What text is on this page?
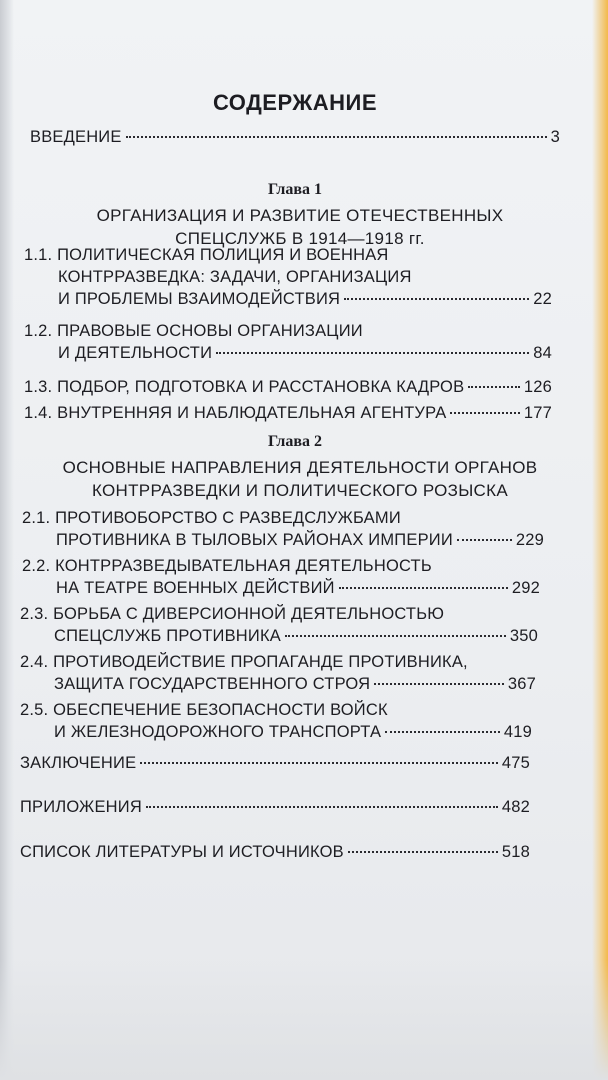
СОДЕРЖАНИЕ
ВВЕДЕНИЕ	3
Глава 1
ОРГАНИЗАЦИЯ И РАЗВИТИЕ ОТЕЧЕСТВЕННЫХ
СПЕЦСЛУЖБ В 1914—1918 гг.
1.1. ПОЛИТИЧЕСКАЯ ПОЛИЦИЯ И ВОЕННАЯ
КОНТРРАЗВЕДКА: ЗАДАЧИ, ОРГАНИЗАЦИЯ
И ПРОБЛЕМЫ ВЗАИМОДЕЙСТВИЯ	22
1.2. ПРАВОВЫЕ ОСНОВЫ ОРГАНИЗАЦИИ
И ДЕЯТЕЛЬНОСТИ	84
1.3.
ПОДБОР, ПОДГОТОВКА И РАССТАНОВКА КАДРОВ	126
1.4.
ВНУТРЕННЯЯ И НАБЛЮДАТЕЛЬНАЯ АГЕНТУРА	177
Глава 2
ОСНОВНЫЕ НАПРАВЛЕНИЯ ДЕЯТЕЛЬНОСТИ ОРГАНОВ
КОНТРРАЗВЕДКИ И ПОЛИТИЧЕСКОГО РОЗЫСКА
2.1. ПРОТИВОБОРСТВО С РАЗВЕДСЛУЖБАМИ
ПРОТИВНИКА В ТЫЛОВЫХ РАЙОНАХ ИМПЕРИИ	229
2.2. КОНТРРАЗВЕДЫВАТЕЛЬНАЯ ДЕЯТЕЛЬНОСТЬ
НА ТЕАТРЕ ВОЕННЫХ ДЕЙСТВИЙ	292
2.3. БОРЬБА С ДИВЕРСИОННОЙ ДЕЯТЕЛЬНОСТЬЮ
СПЕЦСЛУЖБ ПРОТИВНИКА	350
2.4. ПРОТИВОДЕЙСТВИЕ ПРОПАГАНДЕ ПРОТИВНИКА,
ЗАЩИТА ГОСУДАРСТВЕННОГО СТРОЯ	367
2.5. ОБЕСПЕЧЕНИЕ БЕЗОПАСНОСТИ ВОЙСК
И ЖЕЛЕЗНОДОРОЖНОГО ТРАНСПОРТА	419
ЗАКЛЮЧЕНИЕ	475
ПРИЛОЖЕНИЯ	482
СПИСОК ЛИТЕРАТУРЫ И ИСТОЧНИКОВ	518
